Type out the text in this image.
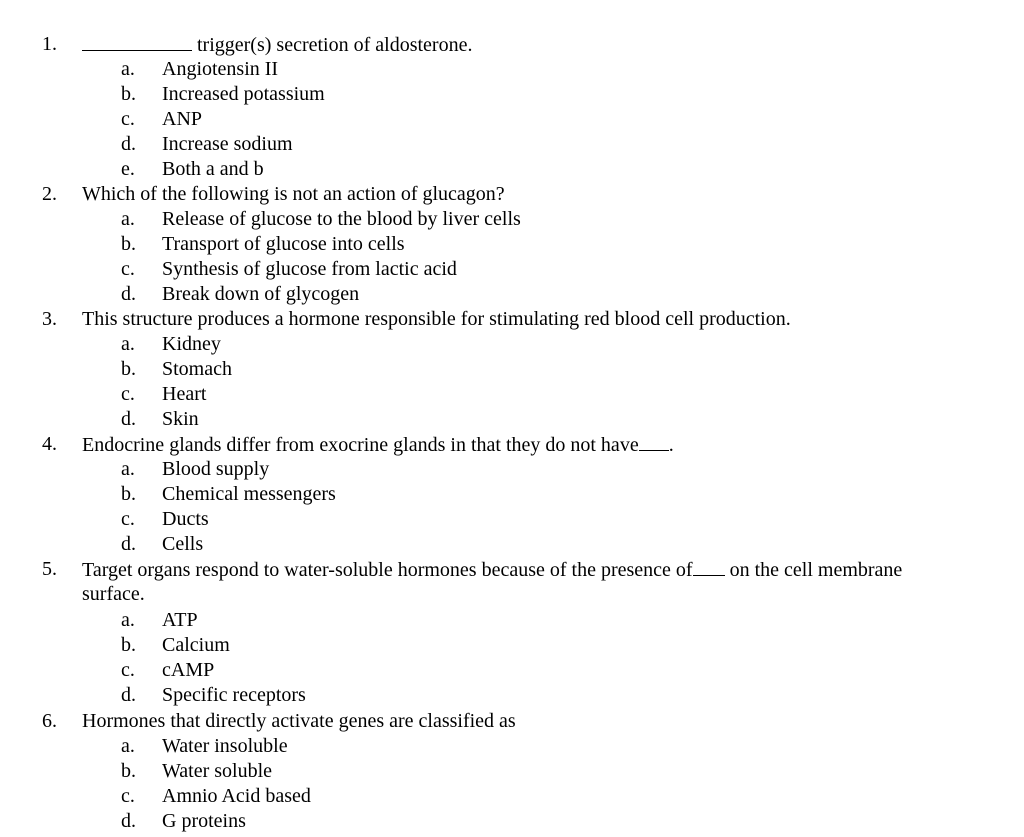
1.	trigger(s) secretion of aldosterone.
a. Angiotensin II
b. Increased potassium
c. ANP
d. Increase sodium
e. Both a and b
2. Which of the following is not an action of glucagon?
a. Release of glucose to the blood by liver cells
b. Transport of glucose into cells
c. Synthesis of glucose from lactic acid
d. Break down of glycogen
3. This structure produces a hormone responsible for stimulating red blood cell production.
a. Kidney
b. Stomach
c. Heart
d. Skin
4. Endocrine glands differ from exocrine glands in that they do not have .
a. Blood supply
b. Chemical messengers
c. Ducts
d. Cells
5. Target organs respond to water-soluble hormones because of the presence of on the cell membrane
surface.
a. ATP
b. Calcium
c. cAMP
d. Specific receptors
6. Hormones that directly activate genes are classified as
a. Water insoluble
b. Water soluble
c. Amnio Acid based
d. G proteins
